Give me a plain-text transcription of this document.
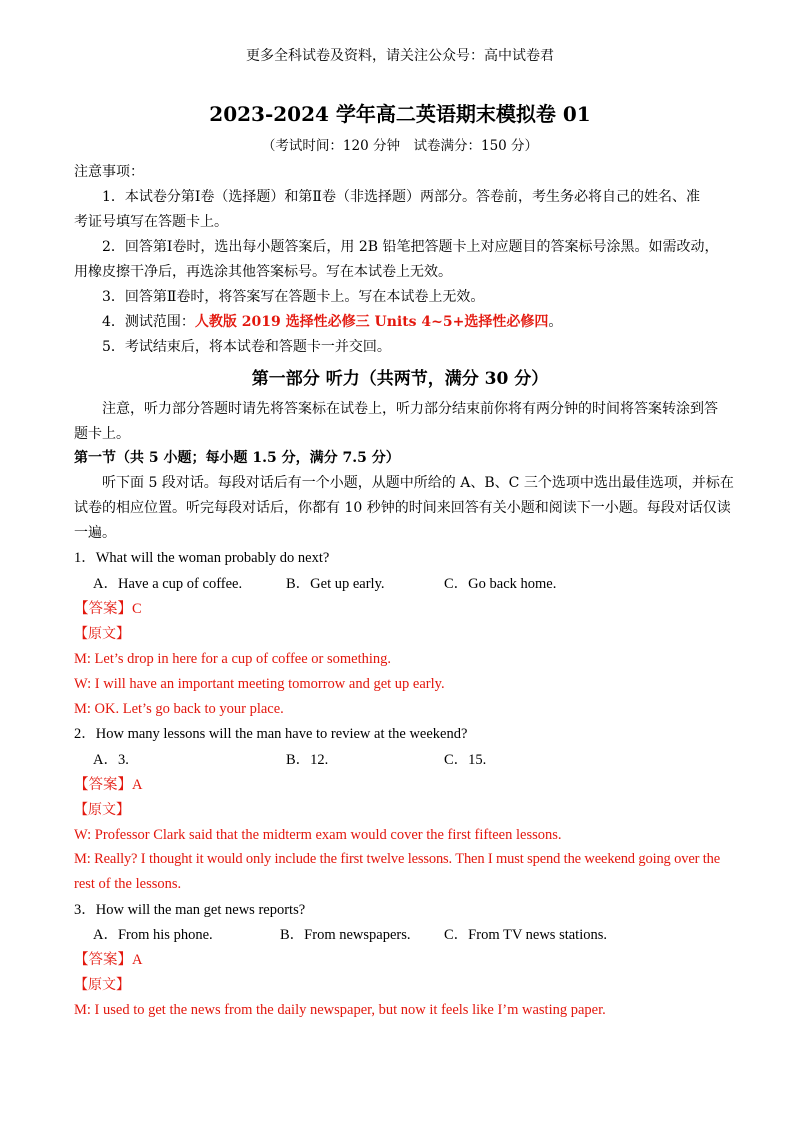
更多全科试卷及资料，请关注公众号：高中试卷君
2023-2024 学年高二英语期末模拟卷 01
（考试时间：120 分钟　试卷满分：150 分）
注意事项：
1．本试卷分第Ⅰ卷（选择题）和第Ⅱ卷（非选择题）两部分。答卷前，考生务必将自己的姓名、准
考证号填写在答题卡上。
2．回答第Ⅰ卷时，选出每小题答案后，用 2B 铅笔把答题卡上对应题目的答案标号涂黑。如需改动，
用橡皮擦干净后，再选涂其他答案标号。写在本试卷上无效。
3．回答第Ⅱ卷时，将答案写在答题卡上。写在本试卷上无效。
4．测试范围：人教版 2019 选择性必修三 Units 4~5+选择性必修四。
5．考试结束后，将本试卷和答题卡一并交回。
第一部分 听力（共两节，满分 30 分）
注意，听力部分答题时请先将答案标在试卷上，听力部分结束前你将有两分钟的时间将答案转涂到答
题卡上。
第一节（共 5 小题；每小题 1.5 分，满分 7.5 分）
听下面 5 段对话。每段对话后有一个小题，从题中所给的 A、B、C 三个选项中选出最佳选项，并标在
试卷的相应位置。听完每段对话后，你都有 10 秒钟的时间来回答有关小题和阅读下一小题。每段对话仅读
一遍。
1．What will the woman probably do next?
A．Have a cup of coffee.	B．Get up early.	C．Go back home.
【答案】C
【原文】
M: Let’s drop in here for a cup of coffee or something.
W: I will have an important meeting tomorrow and get up early.
M: OK. Let’s go back to your place.
2．How many lessons will the man have to review at the weekend?
A．3.	B．12.	C．15.
【答案】A
【原文】
W: Professor Clark said that the midterm exam would cover the first fifteen lessons.
M: Really? I thought it would only include the first twelve lessons. Then I must spend the weekend going over the
rest of the lessons.
3．How will the man get news reports?
A．From his phone.	B．From newspapers. C．From TV news stations.
【答案】A
【原文】
M: I used to get the news from the daily newspaper, but now it feels like I’m wasting paper.
